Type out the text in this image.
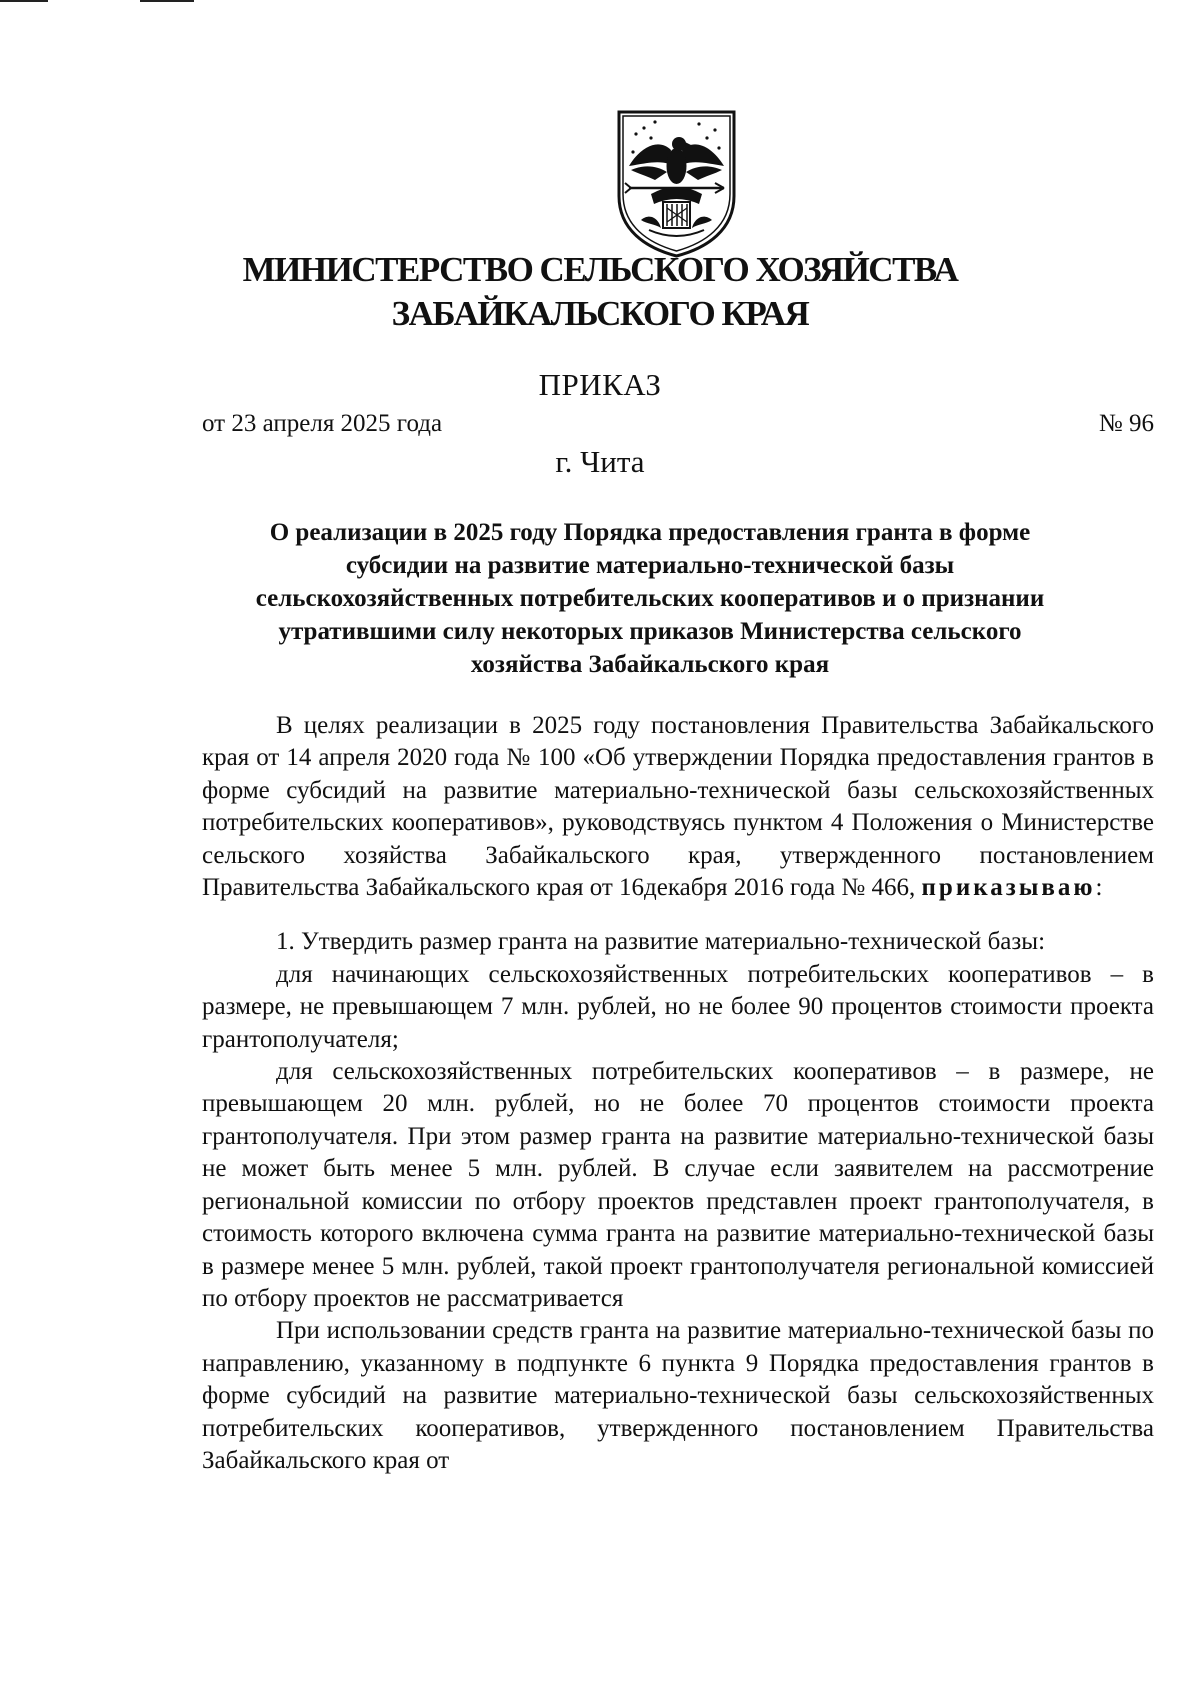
МИНИСТЕРСТВО СЕЛЬСКОГО ХОЗЯЙСТВА
ЗАБАЙКАЛЬСКОГО КРАЯ
ПРИКАЗ
от 23 апреля 2025 года	№ 96
г. Чита
О реализации в 2025 году Порядка предоставления гранта в форме
субсидии на развитие материально-технической базы
сельскохозяйственных потребительских кооперативов и о признании
утратившими силу некоторых приказов Министерства сельского
хозяйства Забайкальского края

В целях реализации в 2025 году постановления Правительства Забайкальского края от 14 апреля 2020 года № 100 «Об утверждении Порядка предоставления грантов в форме субсидий на развитие материально-технической базы сельскохозяйственных потребительских кооперативов», руководствуясь пунктом 4 Положения о Министерстве сельского хозяйства Забайкальского края, утвержденного постановлением Правительства Забайкальского края от 16декабря 2016 года № 466, приказываю:

1. Утвердить размер гранта на развитие материально-технической базы:

для начинающих сельскохозяйственных потребительских кооперативов – в размере, не превышающем 7 млн. рублей, но не более 90 процентов стоимости проекта грантополучателя;

для сельскохозяйственных потребительских кооперативов – в размере, не превышающем 20 млн. рублей, но не более 70 процентов стоимости проекта грантополучателя. При этом размер гранта на развитие материально-технической базы не может быть менее 5 млн. рублей. В случае если заявителем на рассмотрение региональной комиссии по отбору проектов представлен проект грантополучателя, в стоимость которого включена сумма гранта на развитие материально-технической базы в размере менее 5 млн. рублей, такой проект грантополучателя региональной комиссией по отбору проектов не рассматривается

При использовании средств гранта на развитие материально-технической базы по направлению, указанному в подпункте 6 пункта 9 Порядка предоставления грантов в форме субсидий на развитие материально-технической базы сельскохозяйственных потребительских кооперативов, утвержденного постановлением Правительства Забайкальского края от
